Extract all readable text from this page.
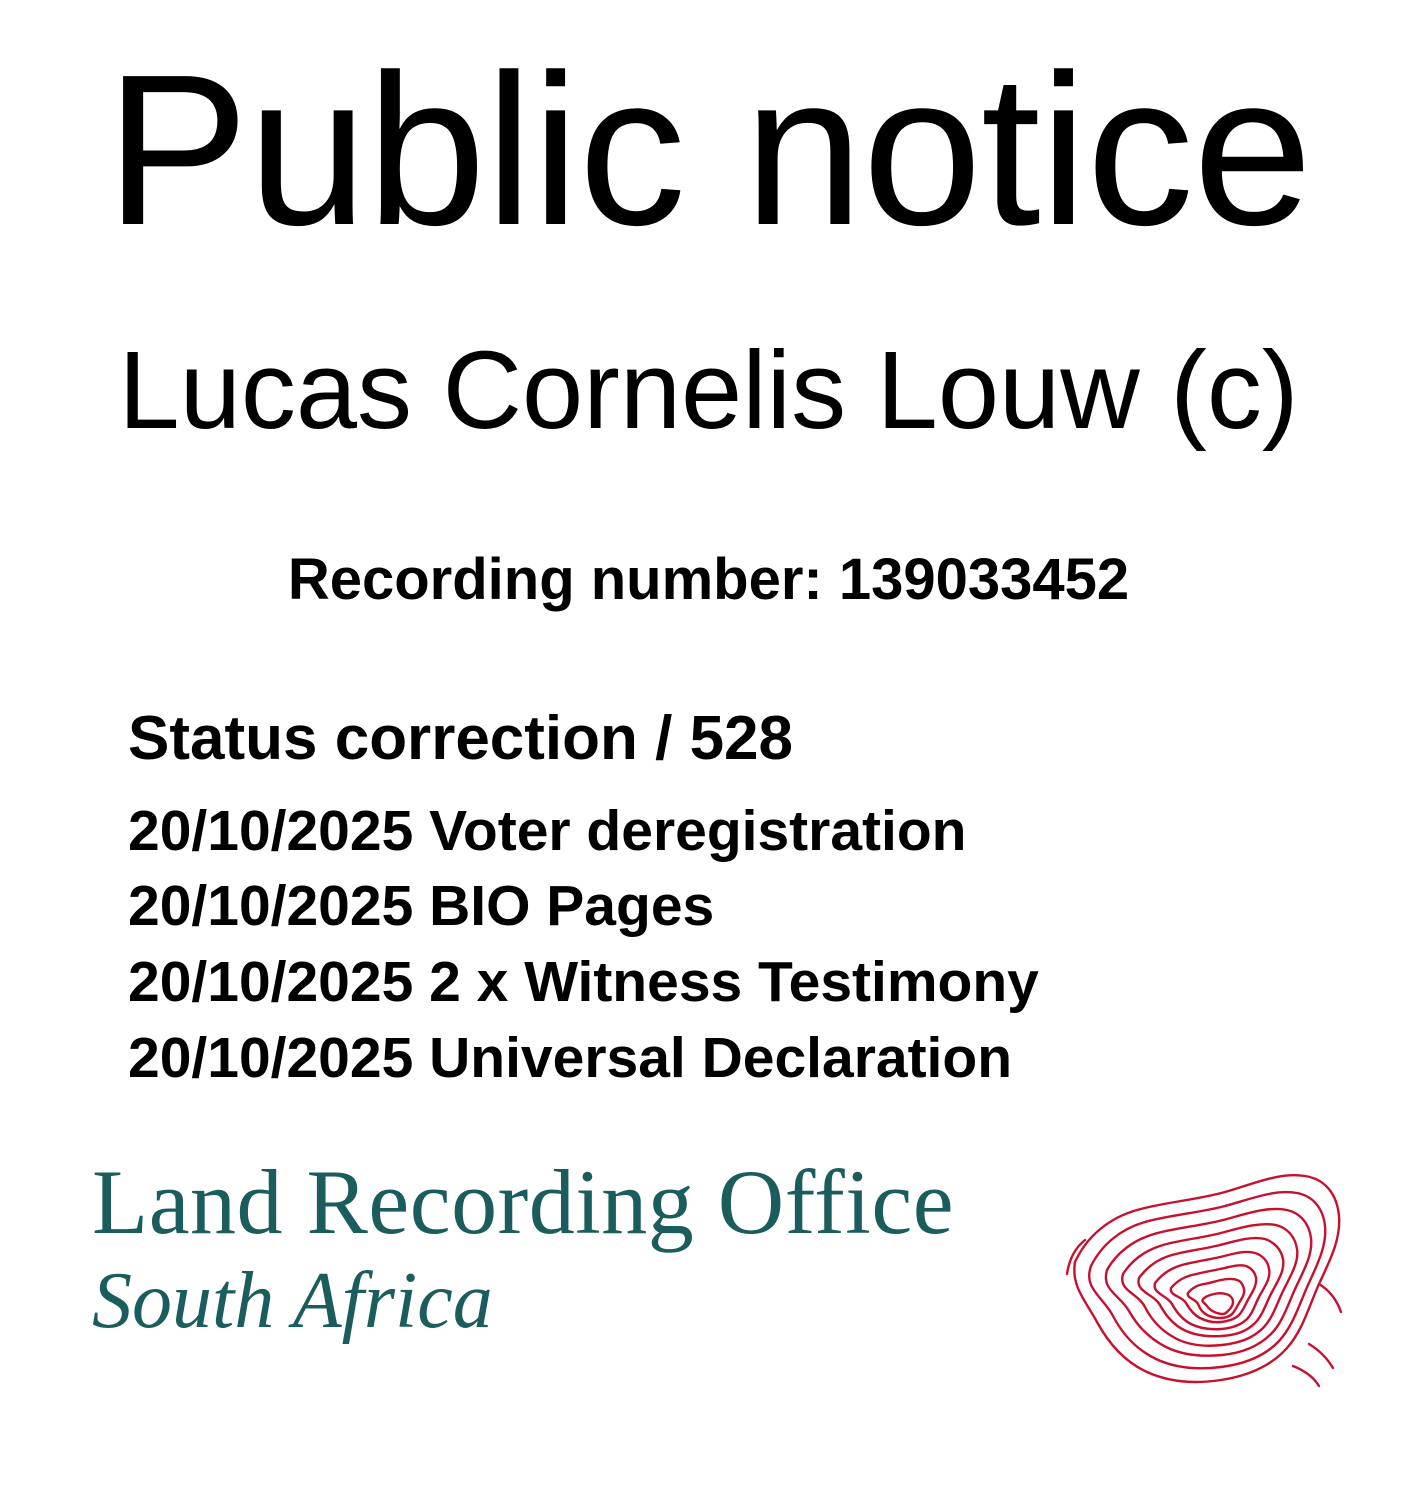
Public notice
Lucas Cornelis Louw (c)
Recording number: 139033452
Status correction / 528
20/10/2025 Voter deregistration
20/10/2025 BIO Pages
20/10/2025 2 x Witness Testimony
20/10/2025 Universal Declaration
Land Recording Office
South Africa
